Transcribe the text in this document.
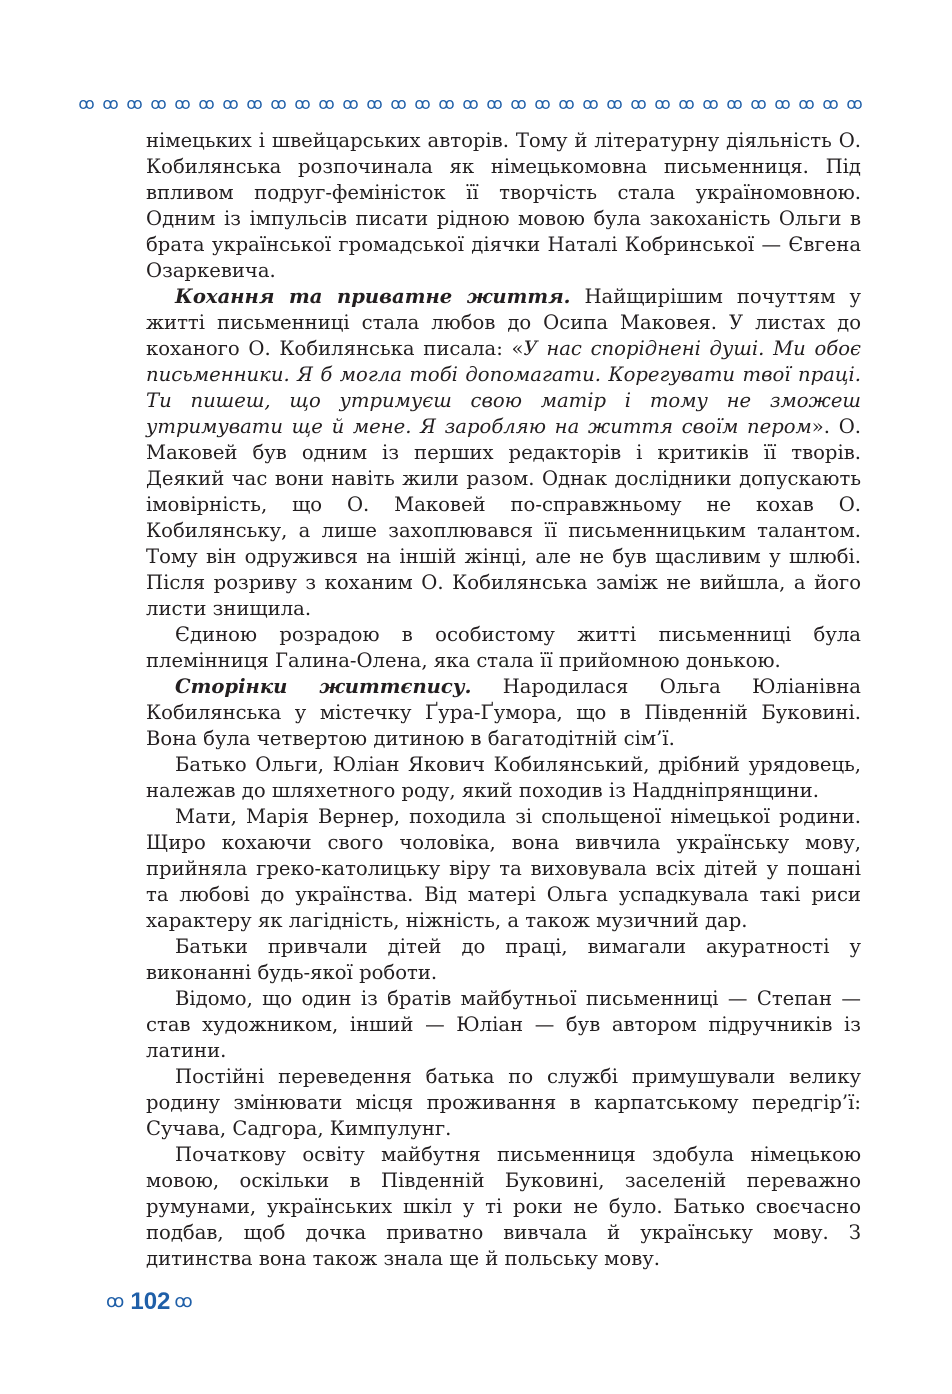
ꝏ ꝏ ꝏ ꝏ ꝏ ꝏ ꝏ ꝏ ꝏ ꝏ ꝏ ꝏ ꝏ ꝏ ꝏ ꝏ ꝏ ꝏ ꝏ ꝏ ꝏ ꝏ ꝏ ꝏ ꝏ ꝏ ꝏ ꝏ ꝏ ꝏ ꝏ ꝏ ꝏ

німецьких і швейцарських авторів. Тому й літературну діяльність О. Кобилянська розпочинала як німецькомовна письменниця. Під впливом подруг-феміністок її творчість стала україномовною. Одним із імпульсів писати рідною мовою була закоханість Ольги в брата української громадської діячки Наталі Кобринської — Євгена Озаркевича.

Кохання та приватне життя. Найщирішим почуттям у житті письменниці стала любов до Осипа Маковея. У листах до коханого О. Кобилянська писала: «У нас споріднені душі. Ми обоє письменники. Я б могла тобі допомагати. Корегувати твої праці. Ти пишеш, що утримуєш свою матір і тому не зможеш утримувати ще й мене. Я заробляю на життя своїм пером». О. Маковей був одним із перших редакторів і критиків її творів. Деякий час вони навіть жили разом. Однак дослідники допускають імовірність, що О. Маковей по-справжньому не кохав О. Кобилянську, а лише захоплювався її письменницьким талантом. Тому він одружився на іншій жінці, але не був щасливим у шлюбі. Після розриву з коханим О. Кобилянська заміж не вийшла, а його листи знищила.

Єдиною розрадою в особистому житті письменниці була племінниця Галина-Олена, яка стала її прийомною донькою.

Сторінки життєпису. Народилася Ольга Юліанівна Кобилянська у містечку Ґура-Ґумора, що в Південній Буковині. Вона була четвертою дитиною в багатодітній сім’ї.

Батько Ольги, Юліан Якович Кобилянський, дрібний урядовець, належав до шляхетного роду, який походив із Наддніпрянщини.

Мати, Марія Вернер, походила зі спольщеної німецької родини. Щиро кохаючи свого чоловіка, вона вивчила українську мову, прийняла греко-католицьку віру та виховувала всіх дітей у пошані та любові до українства. Від матері Ольга успадкувала такі риси характеру як лагідність, ніжність, а також музичний дар.

Батьки привчали дітей до праці, вимагали акуратності у виконанні будь-якої роботи.

Відомо, що один із братів майбутньої письменниці — Степан — став художником, інший — Юліан — був автором підручників із латини.

Постійні переведення батька по службі примушували велику родину змінювати місця проживання в карпатському передгір’ї: Сучава, Садгора, Кимпулунг.

Початкову освіту майбутня письменниця здобула німецькою мовою, оскільки в Південній Буковині, заселеній переважно румунами, українських шкіл у ті роки не було. Батько своєчасно подбав, щоб дочка приватно вивчала й українську мову. З дитинства вона також знала ще й польську мову.

ꝏ 102 ꝏ
